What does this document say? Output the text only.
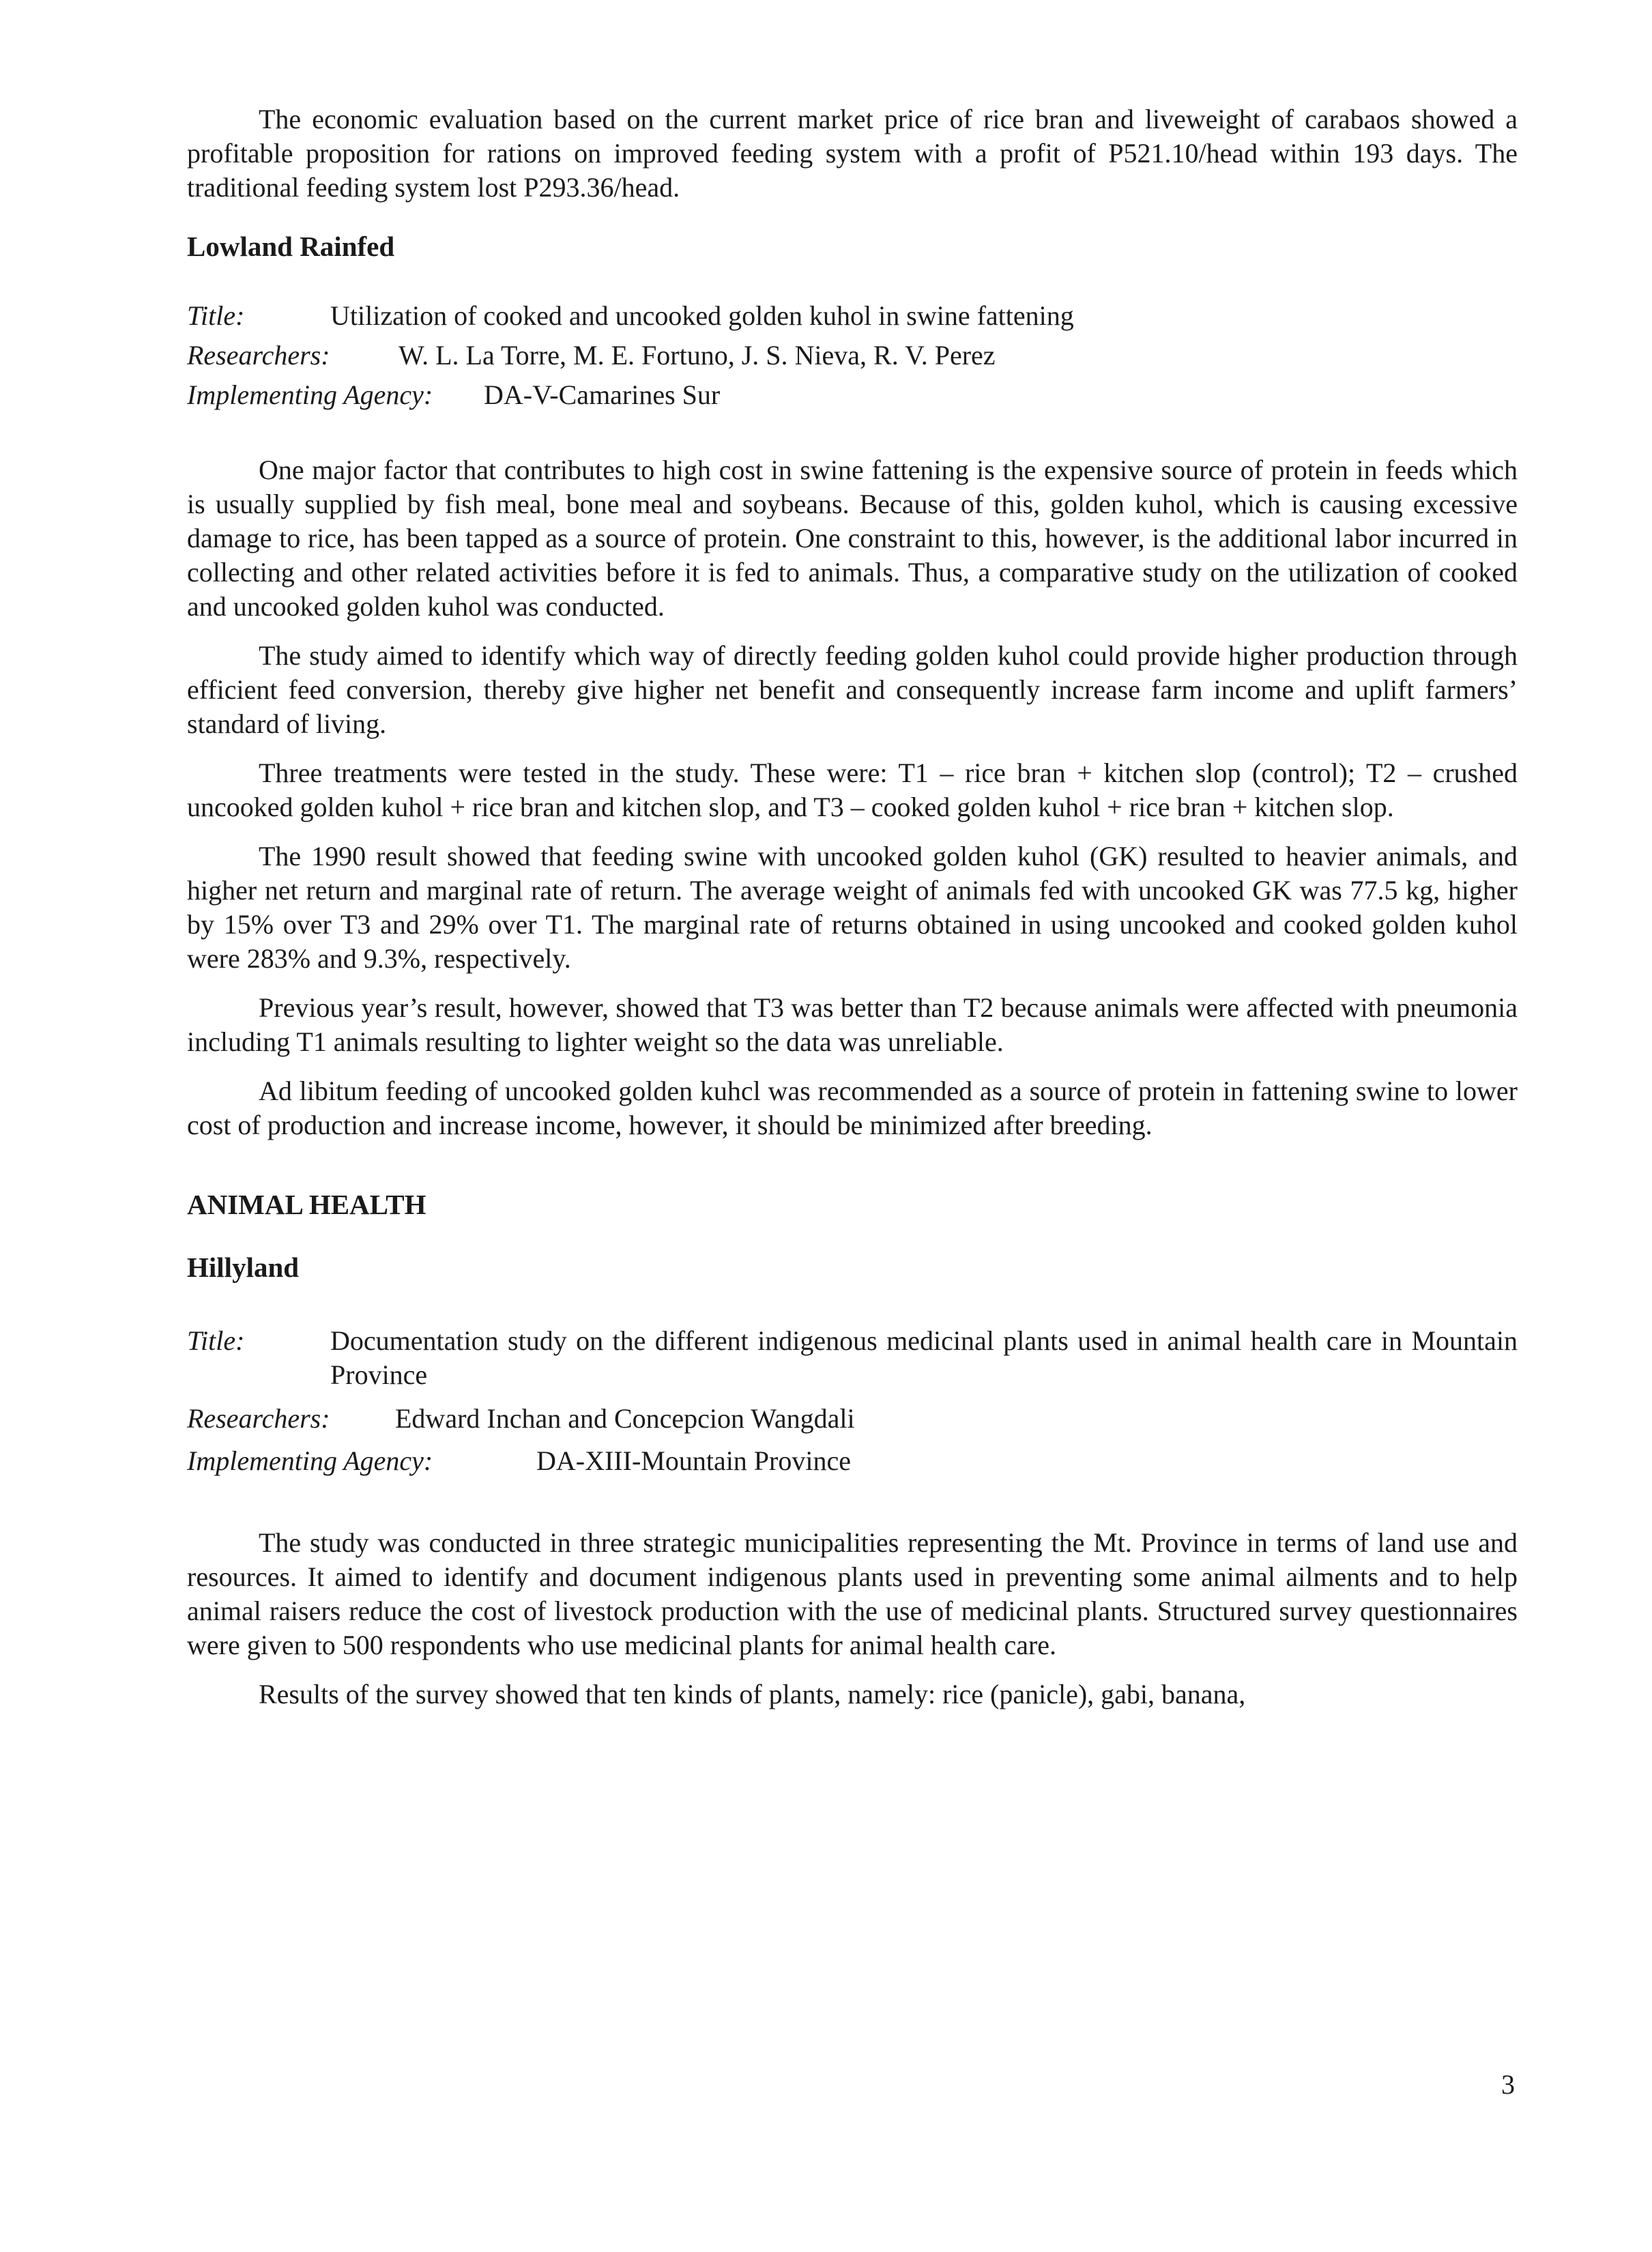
The economic evaluation based on the current market price of rice bran and liveweight of carabaos showed a profitable proposition for rations on improved feeding system with a profit of P521.10/head within 193 days. The traditional feeding system lost P293.36/head.

Lowland Rainfed
Title:	Utilization of cooked and uncooked golden kuhol in swine fattening
Researchers:	W. L. La Torre, M. E. Fortuno, J. S. Nieva, R. V. Perez
Implementing Agency:	DA-V-Camarines Sur

One major factor that contributes to high cost in swine fattening is the expensive source of protein in feeds which is usually supplied by fish meal, bone meal and soybeans. Because of this, golden kuhol, which is causing excessive damage to rice, has been tapped as a source of protein. One constraint to this, however, is the additional labor incurred in collecting and other related activities before it is fed to animals. Thus, a comparative study on the utilization of cooked and uncooked golden kuhol was conducted.

The study aimed to identify which way of directly feeding golden kuhol could provide higher production through efficient feed conversion, thereby give higher net benefit and consequently increase farm income and uplift farmers’ standard of living.

Three treatments were tested in the study. These were: T1 – rice bran + kitchen slop (control); T2 – crushed uncooked golden kuhol + rice bran and kitchen slop, and T3 – cooked golden kuhol + rice bran + kitchen slop.

The 1990 result showed that feeding swine with uncooked golden kuhol (GK) resulted to heavier animals, and higher net return and marginal rate of return. The average weight of animals fed with uncooked GK was 77.5 kg, higher by 15% over T3 and 29% over T1. The marginal rate of returns obtained in using uncooked and cooked golden kuhol were 283% and 9.3%, respectively.

Previous year’s result, however, showed that T3 was better than T2 because animals were affected with pneumonia including T1 animals resulting to lighter weight so the data was unreliable.

Ad libitum feeding of uncooked golden kuhcl was recommended as a source of protein in fattening swine to lower cost of production and increase income, however, it should be minimized after breeding.

ANIMAL HEALTH
Hillyland
Title:	Documentation study on the different indigenous medicinal plants used in animal health care in Mountain Province
Researchers:	Edward Inchan and Concepcion Wangdali
Implementing Agency:	DA-XIII-Mountain Province

The study was conducted in three strategic municipalities representing the Mt. Province in terms of land use and resources. It aimed to identify and document indigenous plants used in preventing some animal ailments and to help animal raisers reduce the cost of livestock production with the use of medicinal plants. Structured survey questionnaires were given to 500 respondents who use medicinal plants for animal health care.

Results of the survey showed that ten kinds of plants, namely: rice (panicle), gabi, banana,

3
